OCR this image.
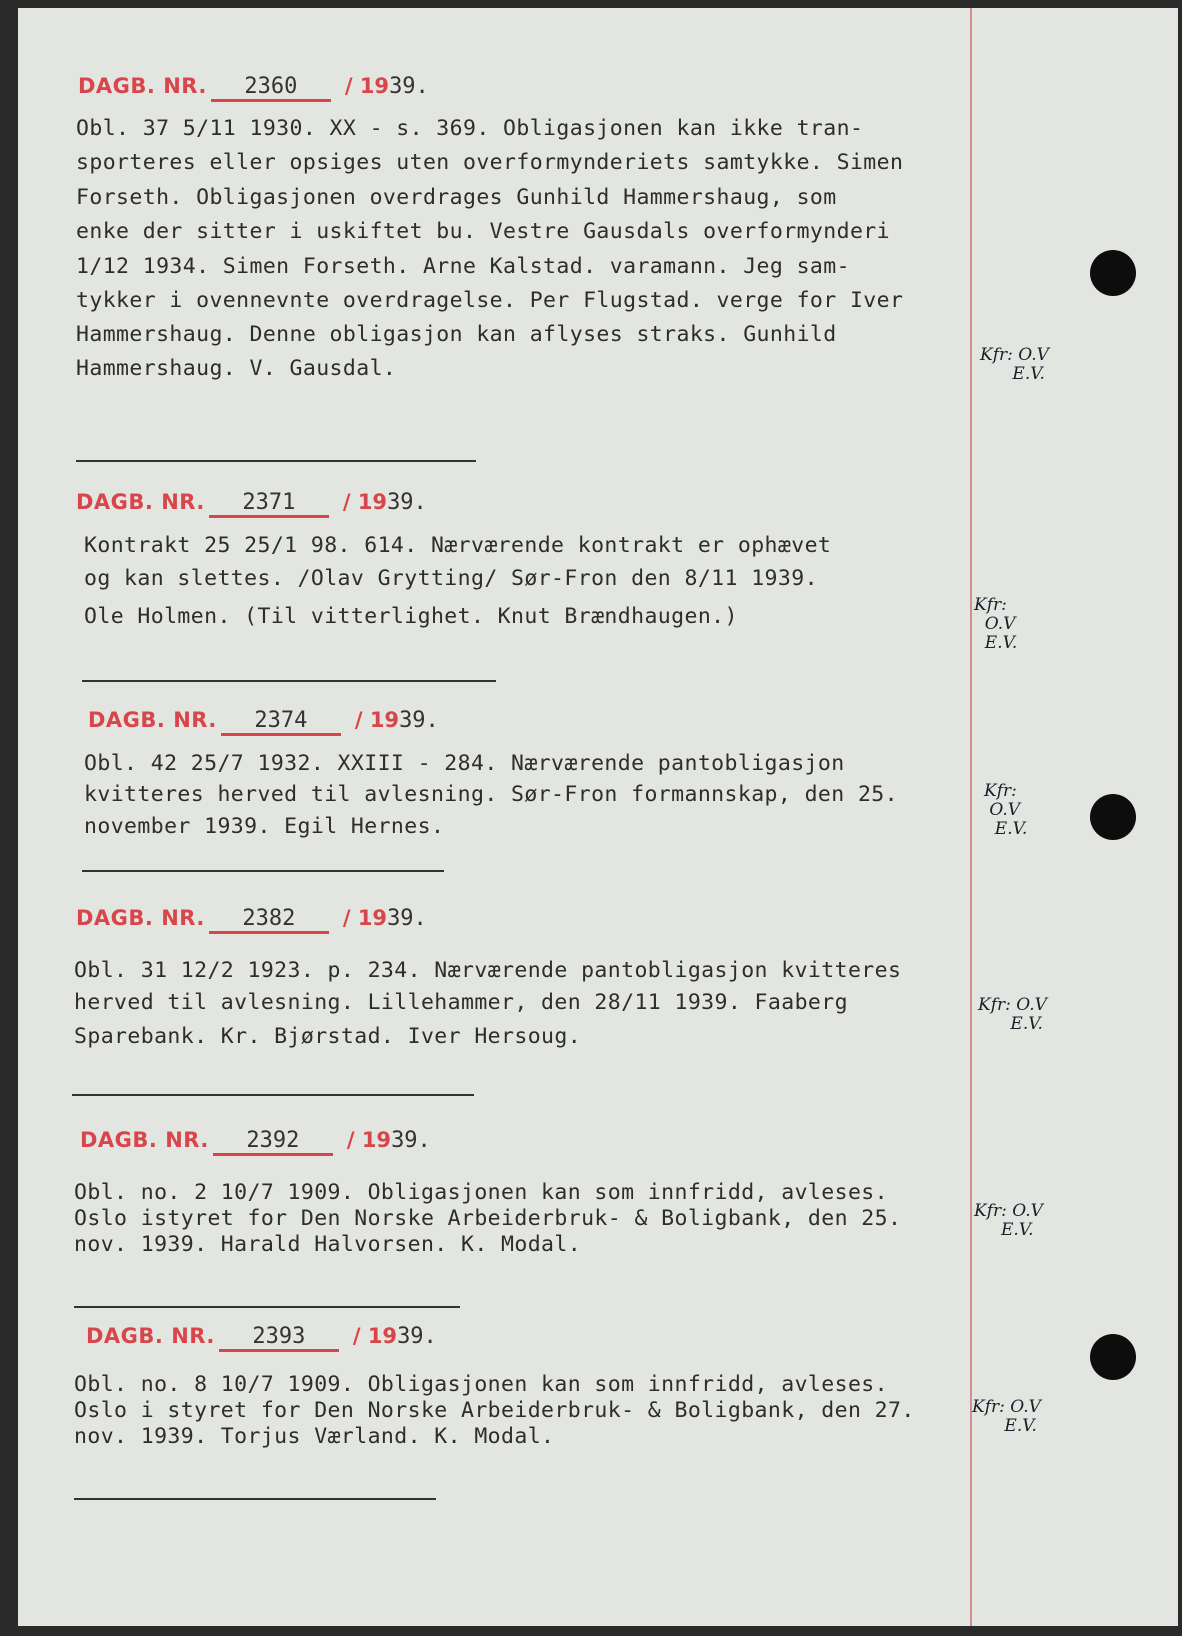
DAGB. NR. 2360 / 1939.
Obl. 37 5/11 1930. XX - s. 369. Obligasjonen kan ikke tran-
sporteres eller opsiges uten overformynderiets samtykke. Simen
Forseth. Obligasjonen overdrages Gunhild Hammershaug, som
enke der sitter i uskiftet bu. Vestre Gausdals overformynderi
1/12 1934. Simen Forseth. Arne Kalstad. varamann. Jeg sam-
tykker i ovennevnte overdragelse. Per Flugstad. verge for Iver
Hammershaug. Denne obligasjon kan aflyses straks. Gunhild
Hammershaug. V. Gausdal.
Kfr: O.V
E.V.
DAGB. NR. 2371 / 1939.
Kontrakt 25 25/1 98. 614. Nærværende kontrakt er ophævet
og kan slettes. /Olav Grytting/ Sør-Fron den 8/11 1939.
Ole Holmen. (Til vitterlighet. Knut Brændhaugen.)	Kfr:
O.V
E.V.
DAGB. NR. 2374 / 1939.
Obl. 42 25/7 1932. XXIII - 284. Nærværende pantobligasjon
kvitteres herved til avlesning. Sør-Fron formannskap, den 25.
november 1939. Egil Hernes.
Kfr:
O.V
E.V.
DAGB. NR. 2382 / 1939.
Obl. 31 12/2 1923. p. 234. Nærværende pantobligasjon kvitteres
herved til avlesning. Lillehammer, den 28/11 1939. Faaberg
Sparebank. Kr. Bjørstad. Iver Hersoug.
Kfr: O.V
E.V.
DAGB. NR. 2392 / 1939.
Obl. no. 2 10/7 1909. Obligasjonen kan som innfridd, avleses.
Oslo istyret for Den Norske Arbeiderbruk- & Boligbank, den 25.
nov. 1939. Harald Halvorsen. K. Modal.
Kfr: O.V
E.V.
DAGB. NR. 2393 / 1939.
Obl. no. 8 10/7 1909. Obligasjonen kan som innfridd, avleses.
Oslo i styret for Den Norske Arbeiderbruk- & Boligbank, den 27.
nov. 1939. Torjus Værland. K. Modal.
Kfr: O.V
E.V.
